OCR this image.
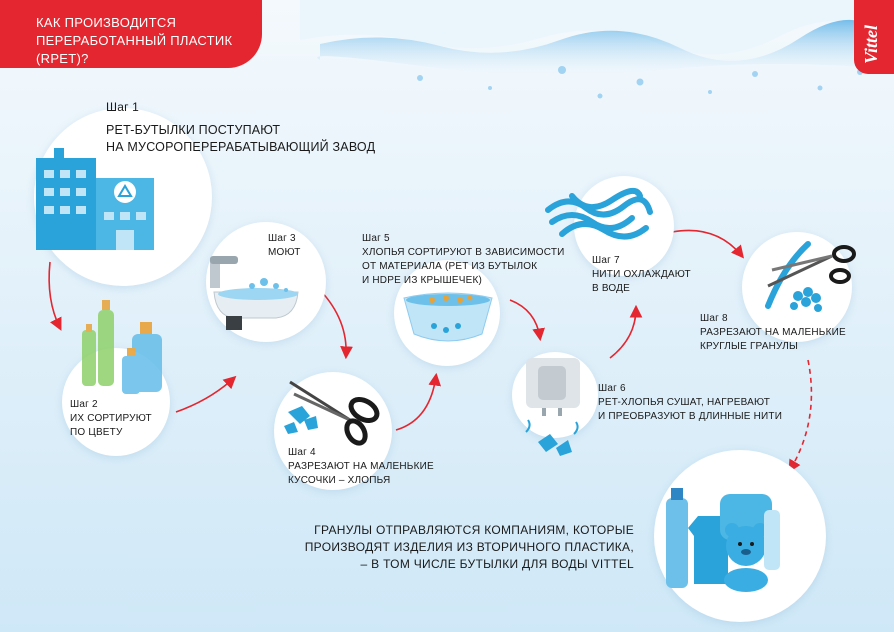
КАК ПРОИЗВОДИТСЯ
ПЕРЕРАБОТАННЫЙ ПЛАСТИК (RPET)?	Vittel
Шаг 1
PET-БУТЫЛКИ ПОСТУПАЮТ
НА МУСОРОПЕРЕРАБАТЫВАЮЩИЙ ЗАВОД
Шаг 2
ИХ СОРТИРУЮТ
ПО ЦВЕТУ
Шаг 3
МОЮТ
Шаг 4
РАЗРЕЗАЮТ НА МАЛЕНЬКИЕ
КУСОЧКИ – ХЛОПЬЯ
Шаг 5
ХЛОПЬЯ СОРТИРУЮТ В ЗАВИСИМОСТИ
ОТ МАТЕРИАЛА (PET ИЗ БУТЫЛОК
И HDPE ИЗ КРЫШЕЧЕК)
Шаг 6
PET-ХЛОПЬЯ СУШАТ, НАГРЕВАЮТ
И ПРЕОБРАЗУЮТ В ДЛИННЫЕ НИТИ
Шаг 7
НИТИ ОХЛАЖДАЮТ
В ВОДЕ
Шаг 8
РАЗРЕЗАЮТ НА МАЛЕНЬКИЕ
КРУГЛЫЕ ГРАНУЛЫ
ГРАНУЛЫ ОТПРАВЛЯЮТСЯ КОМПАНИЯМ, КОТОРЫЕ
ПРОИЗВОДЯТ ИЗДЕЛИЯ ИЗ ВТОРИЧНОГО ПЛАСТИКА,
– В ТОМ ЧИСЛЕ БУТЫЛКИ ДЛЯ ВОДЫ VITTEL
